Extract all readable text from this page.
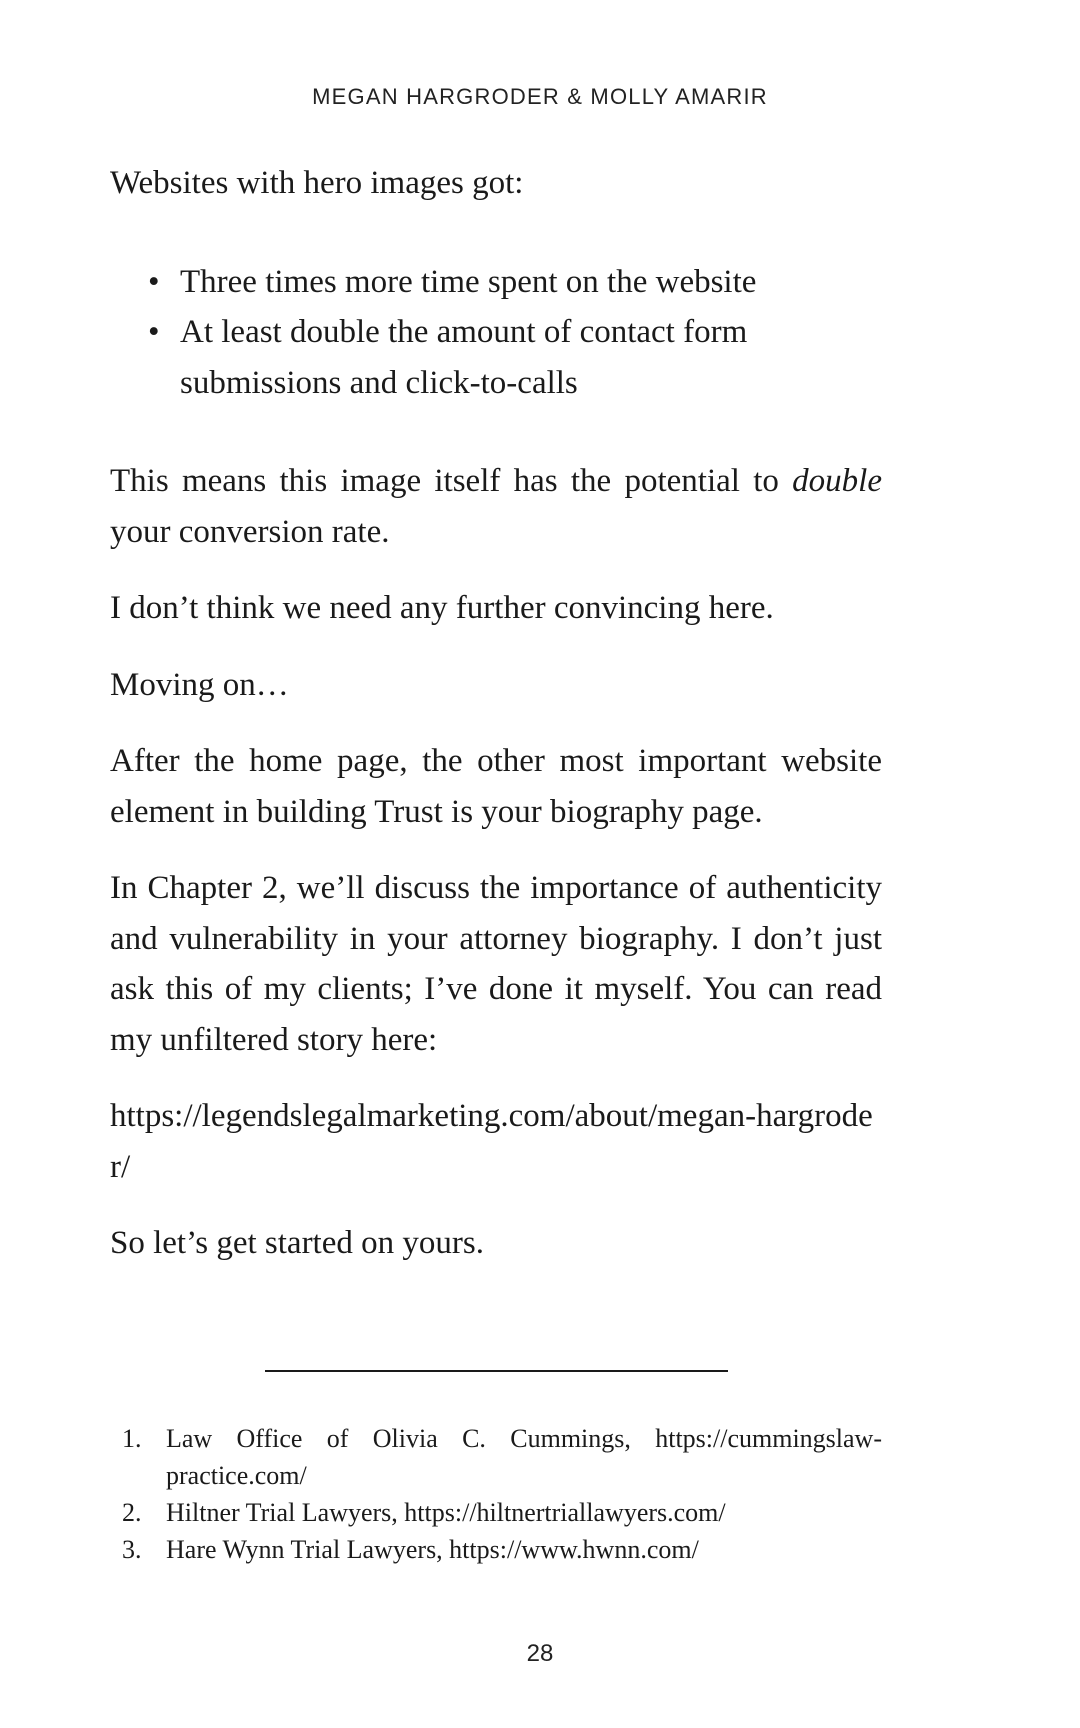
MEGAN HARGRODER & MOLLY AMARIR

Websites with hero images got:

• Three times more time spent on the website
• At least double the amount of contact form submissions and click-to-calls

This means this image itself has the potential to double your conversion rate.

I don’t think we need any further convincing here.

Moving on…

After the home page, the other most important website element in building Trust is your biography page.

In Chapter 2, we’ll discuss the importance of authenticity and vulnerability in your attorney biography. I don’t just ask this of my clients; I’ve done it myself. You can read my unfiltered story here:

https://legendslegalmarketing.com/about/megan-hargroder/

So let’s get started on yours.

1. Law Office of Olivia C. Cummings, https://cummingslaw-practice.com/

2. Hiltner Trial Lawyers, https://hiltnertriallawyers.com/

3. Hare Wynn Trial Lawyers, https://www.hwnn.com/

28
